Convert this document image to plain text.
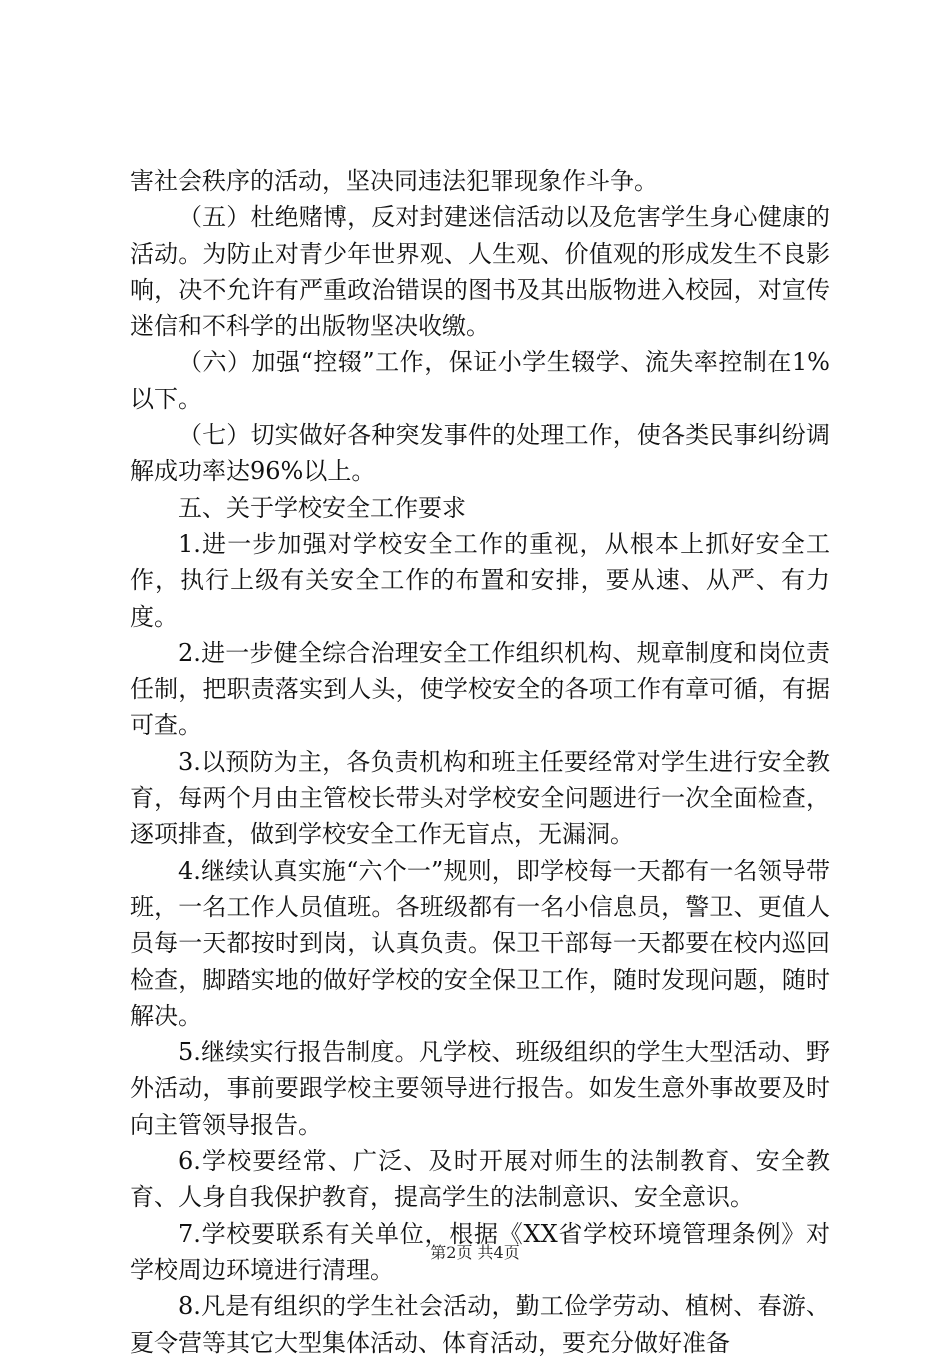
害社会秩序的活动，坚决同违法犯罪现象作斗争。

（五）杜绝赌博，反对封建迷信活动以及危害学生身心健康的活动。为防止对青少年世界观、人生观、价值观的形成发生不良影响，决不允许有严重政治错误的图书及其出版物进入校园，对宣传迷信和不科学的出版物坚决收缴。

（六）加强“控辍”工作，保证小学生辍学、流失率控制在1%以下。

（七）切实做好各种突发事件的处理工作，使各类民事纠纷调解成功率达96%以上。

五、关于学校安全工作要求

1.进一步加强对学校安全工作的重视，从根本上抓好安全工作，执行上级有关安全工作的布置和安排，要从速、从严、有力度。

2.进一步健全综合治理安全工作组织机构、规章制度和岗位责任制，把职责落实到人头，使学校安全的各项工作有章可循，有据可查。

3.以预防为主，各负责机构和班主任要经常对学生进行安全教育，每两个月由主管校长带头对学校安全问题进行一次全面检查，逐项排查，做到学校安全工作无盲点，无漏洞。

4.继续认真实施“六个一”规则，即学校每一天都有一名领导带班，一名工作人员值班。各班级都有一名小信息员，警卫、更值人员每一天都按时到岗，认真负责。保卫干部每一天都要在校内巡回检查，脚踏实地的做好学校的安全保卫工作，随时发现问题，随时解决。

5.继续实行报告制度。凡学校、班级组织的学生大型活动、野外活动，事前要跟学校主要领导进行报告。如发生意外事故要及时向主管领导报告。

6.学校要经常、广泛、及时开展对师生的法制教育、安全教育、人身自我保护教育，提高学生的法制意识、安全意识。

7.学校要联系有关单位，根据《XX省学校环境管理条例》对学校周边环境进行清理。

8.凡是有组织的学生社会活动，勤工俭学劳动、植树、春游、夏令营等其它大型集体活动、体育活动，要充分做好准备

第2页 共4页
